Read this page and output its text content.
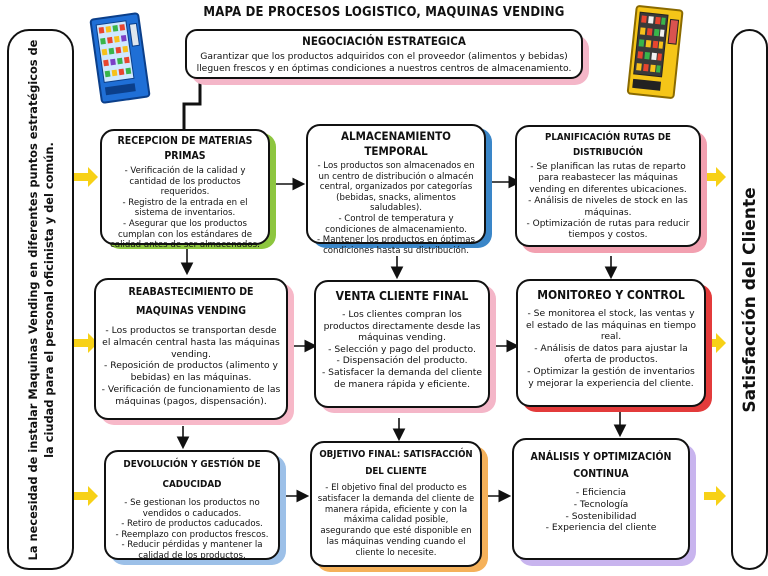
MAPA DE PROCESOS LOGISTICO, MAQUINAS VENDING
La necesidad de instalar Maquinas Vending en diferentes puntos estratégicos de la ciudad para el personal oficinista y del común.	Satisfacción del Cliente
NEGOCIACIÓN ESTRATEGICA
Garantizar que los productos adquiridos con el proveedor (alimentos y bebidas) lleguen frescos y en óptimas condiciones a nuestros centros de almacenamiento.
RECEPCION DE MATERIAS PRIMAS
- Verificación de la calidad y cantidad de los productos requeridos.
- Registro de la entrada en el sistema de inventarios.
- Asegurar que los productos cumplan con los estándares de calidad antes de ser almacenados.
ALMACENAMIENTO TEMPORAL
- Los productos son almacenados en un centro de distribución o almacén central, organizados por categorías (bebidas, snacks, alimentos saludables).
- Control de temperatura y condiciones de almacenamiento.
- Mantener los productos en óptimas condiciones hasta su distribución.
PLANIFICACIÓN RUTAS DE DISTRIBUCIÓN
- Se planifican las rutas de reparto para reabastecer las máquinas vending en diferentes ubicaciones.
- Análisis de niveles de stock en las máquinas.
- Optimización de rutas para reducir tiempos y costos.
REABASTECIMIENTO DE MAQUINAS VENDING
- Los productos se transportan desde el almacén central hasta las máquinas vending.
- Reposición de productos (alimento y bebidas) en las máquinas.
- Verificación de funcionamiento de las máquinas (pagos, dispensación).
VENTA CLIENTE FINAL
- Los clientes compran los productos directamente desde las máquinas vending.
- Selección y pago del producto.
- Dispensación del producto.
- Satisfacer la demanda del cliente de manera rápida y eficiente.
MONITOREO Y CONTROL
- Se monitorea el stock, las ventas y el estado de las máquinas en tiempo real.
- Análisis de datos para ajustar la oferta de productos.
- Optimizar la gestión de inventarios y mejorar la experiencia del cliente.
DEVOLUCIÓN Y GESTIÓN DE CADUCIDAD
- Se gestionan los productos no vendidos o caducados.
- Retiro de productos caducados.
- Reemplazo con productos frescos.
- Reducir pérdidas y mantener la calidad de los productos.
OBJETIVO FINAL: SATISFACCIÓN DEL CLIENTE
- El objetivo final del producto es satisfacer la demanda del cliente de manera rápida, eficiente y con la máxima calidad posible, asegurando que esté disponible en las máquinas vending cuando el cliente lo necesite.
ANÁLISIS Y OPTIMIZACIÓN CONTINUA
- Eficiencia
- Tecnología
- Sostenibilidad
- Experiencia del cliente
